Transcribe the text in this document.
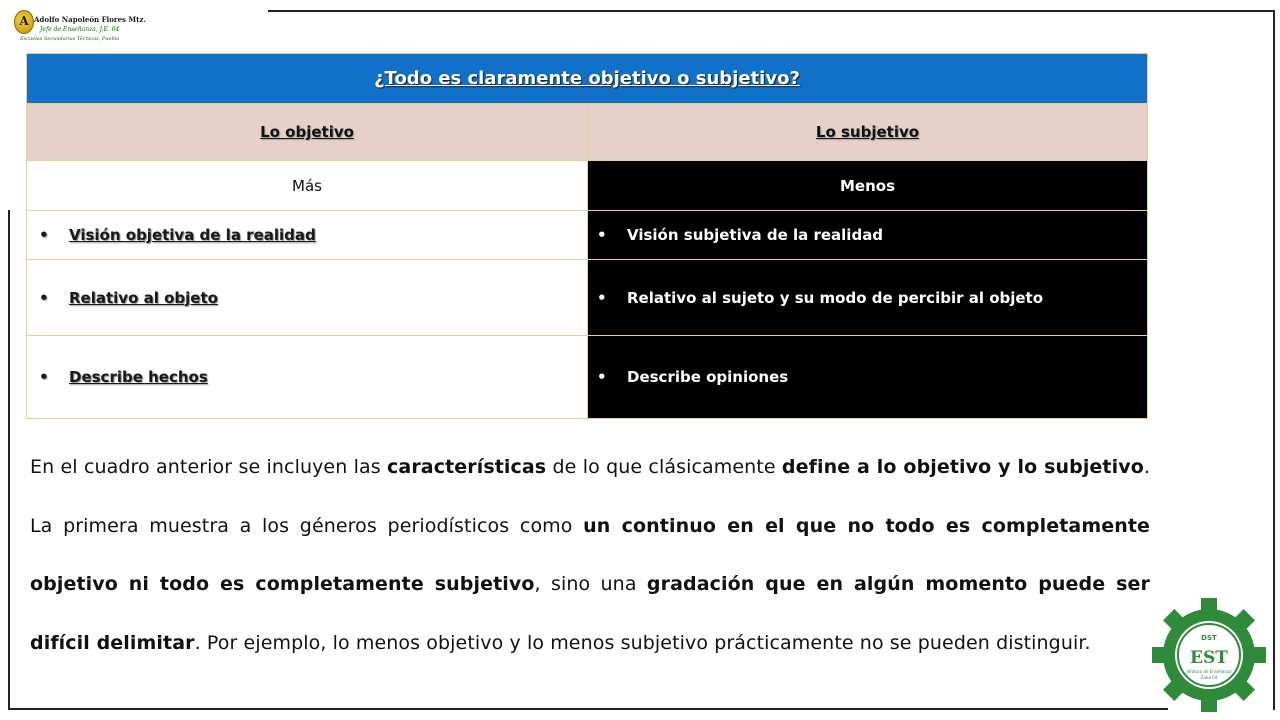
A Adolfo Napoleón Flores Mtz.
Jefe de Enseñanza, J.E. 04
Escuelas Secundarias Técnicas, Puebla
¿Todo es claramente objetivo o subjetivo?	
Lo objetivo	Lo subjetivo
Más	Menos
• Visión objetiva de la realidad	• Visión subjetiva de la realidad
• Relativo al objeto	• Relativo al sujeto y su modo de percibir al objeto
• Describe hechos	• Describe opiniones

En el cuadro anterior se incluyen las características de lo que clásicamente define a lo objetivo y lo subjetivo. La primera muestra a los géneros periodísticos como un continuo en el que no todo es completamente objetivo ni todo es completamente subjetivo, sino una gradación que en algún momento puede ser difícil delimitar. Por ejemplo, lo menos objetivo y lo menos subjetivo prácticamente no se pueden distinguir.	DST
EST
Jefatura de Enseñanza
Zona 04
